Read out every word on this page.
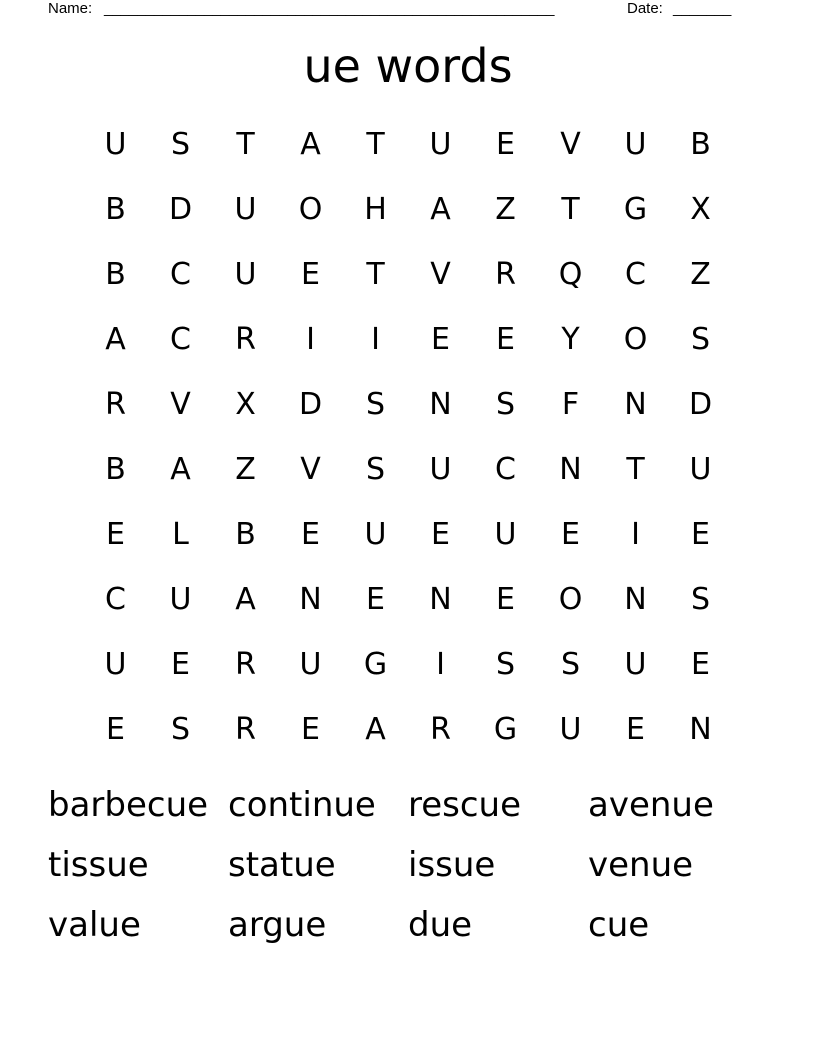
Name: ______________________________________________________	Date: _______
ue words
U	S	T	A	T	U	E	V	U	B
B	D	U	O	H	A	Z	T	G	X
B	C	U	E	T	V	R	Q	C	Z
A	C	R	I	I	E	E	Y	O	S
R	V	X	D	S	N	S	F	N	D
B	A	Z	V	S	U	C	N	T	U
E	L	B	E	U	E	U	E	I	E
C	U	A	N	E	N	E	O	N	S
U	E	R	U	G	I	S	S	U	E
E	S	R	E	A	R	G	U	E	N
barbecue continue rescue	avenue
tissue	statue	issue	venue
value	argue	due	cue
